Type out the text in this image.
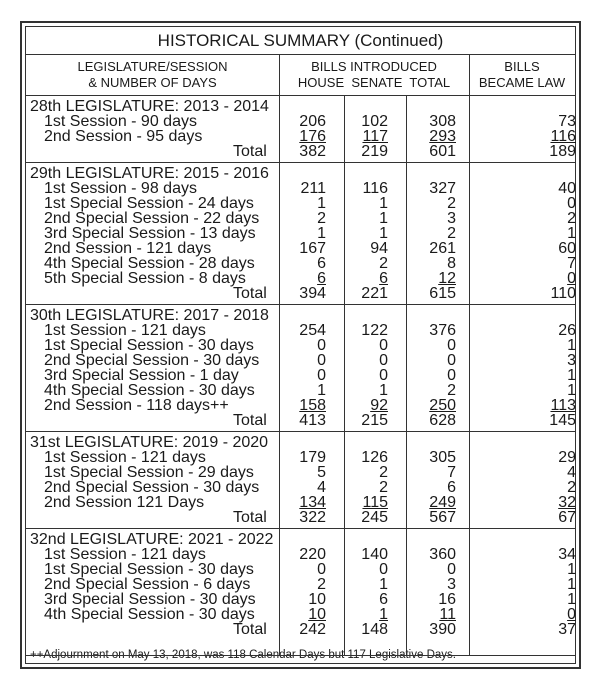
HISTORICAL SUMMARY (Continued)
LEGISLATURE/SESSION
& NUMBER OF DAYS
BILLS INTRODUCED
HOUSE  SENATE  TOTAL
BILLS
BECAME LAW
++Adjournment on May 13, 2018, was 118 Calendar Days but 117 Legislative Days.
28th LEGISLATURE: 2013 - 2014
1st Session - 90 days	206	102	308	73
2nd Session - 95 days	176	117	293	116
Total	382	219	601	189
29th LEGISLATURE: 2015 - 2016
1st Session - 98 days	211	116	327	40
1st Special Session - 24 days	1	1	2	0
2nd Special Session - 22 days	2	1	3	2
3rd Special Session - 13 days	1	1	2	1
2nd Session - 121 days	167	94	261	60
4th Special Session - 28 days	6	2	8	7
5th Special Session - 8 days	6	6	12	0
Total	394	221	615	110
30th LEGISLATURE: 2017 - 2018
1st Session - 121 days	254	122	376	26
1st Special Session - 30 days	0	0	0	1
2nd Special Session - 30 days	0	0	0	3
3rd Special Session - 1 day	0	0	0	1
4th Special Session - 30 days	1	1	2	1
2nd Session - 118 days++	158	92	250	113
Total	413	215	628	145
31st LEGISLATURE: 2019 - 2020
1st Session - 121 days	179	126	305	29
1st Special Session - 29 days	5	2	7	4
2nd Special Session - 30 days	4	2	6	2
2nd Session 121 Days	134	115	249	32
Total	322	245	567	67
32nd LEGISLATURE: 2021 - 2022
1st Session - 121 days	220	140	360	34
1st Special Session - 30 days	0	0	0	1
2nd Special Session - 6 days	2	1	3	1
3rd Special Session - 30 days	10	6	16	1
4th Special Session - 30 days	10	1	11	0
Total	242	148	390	37
